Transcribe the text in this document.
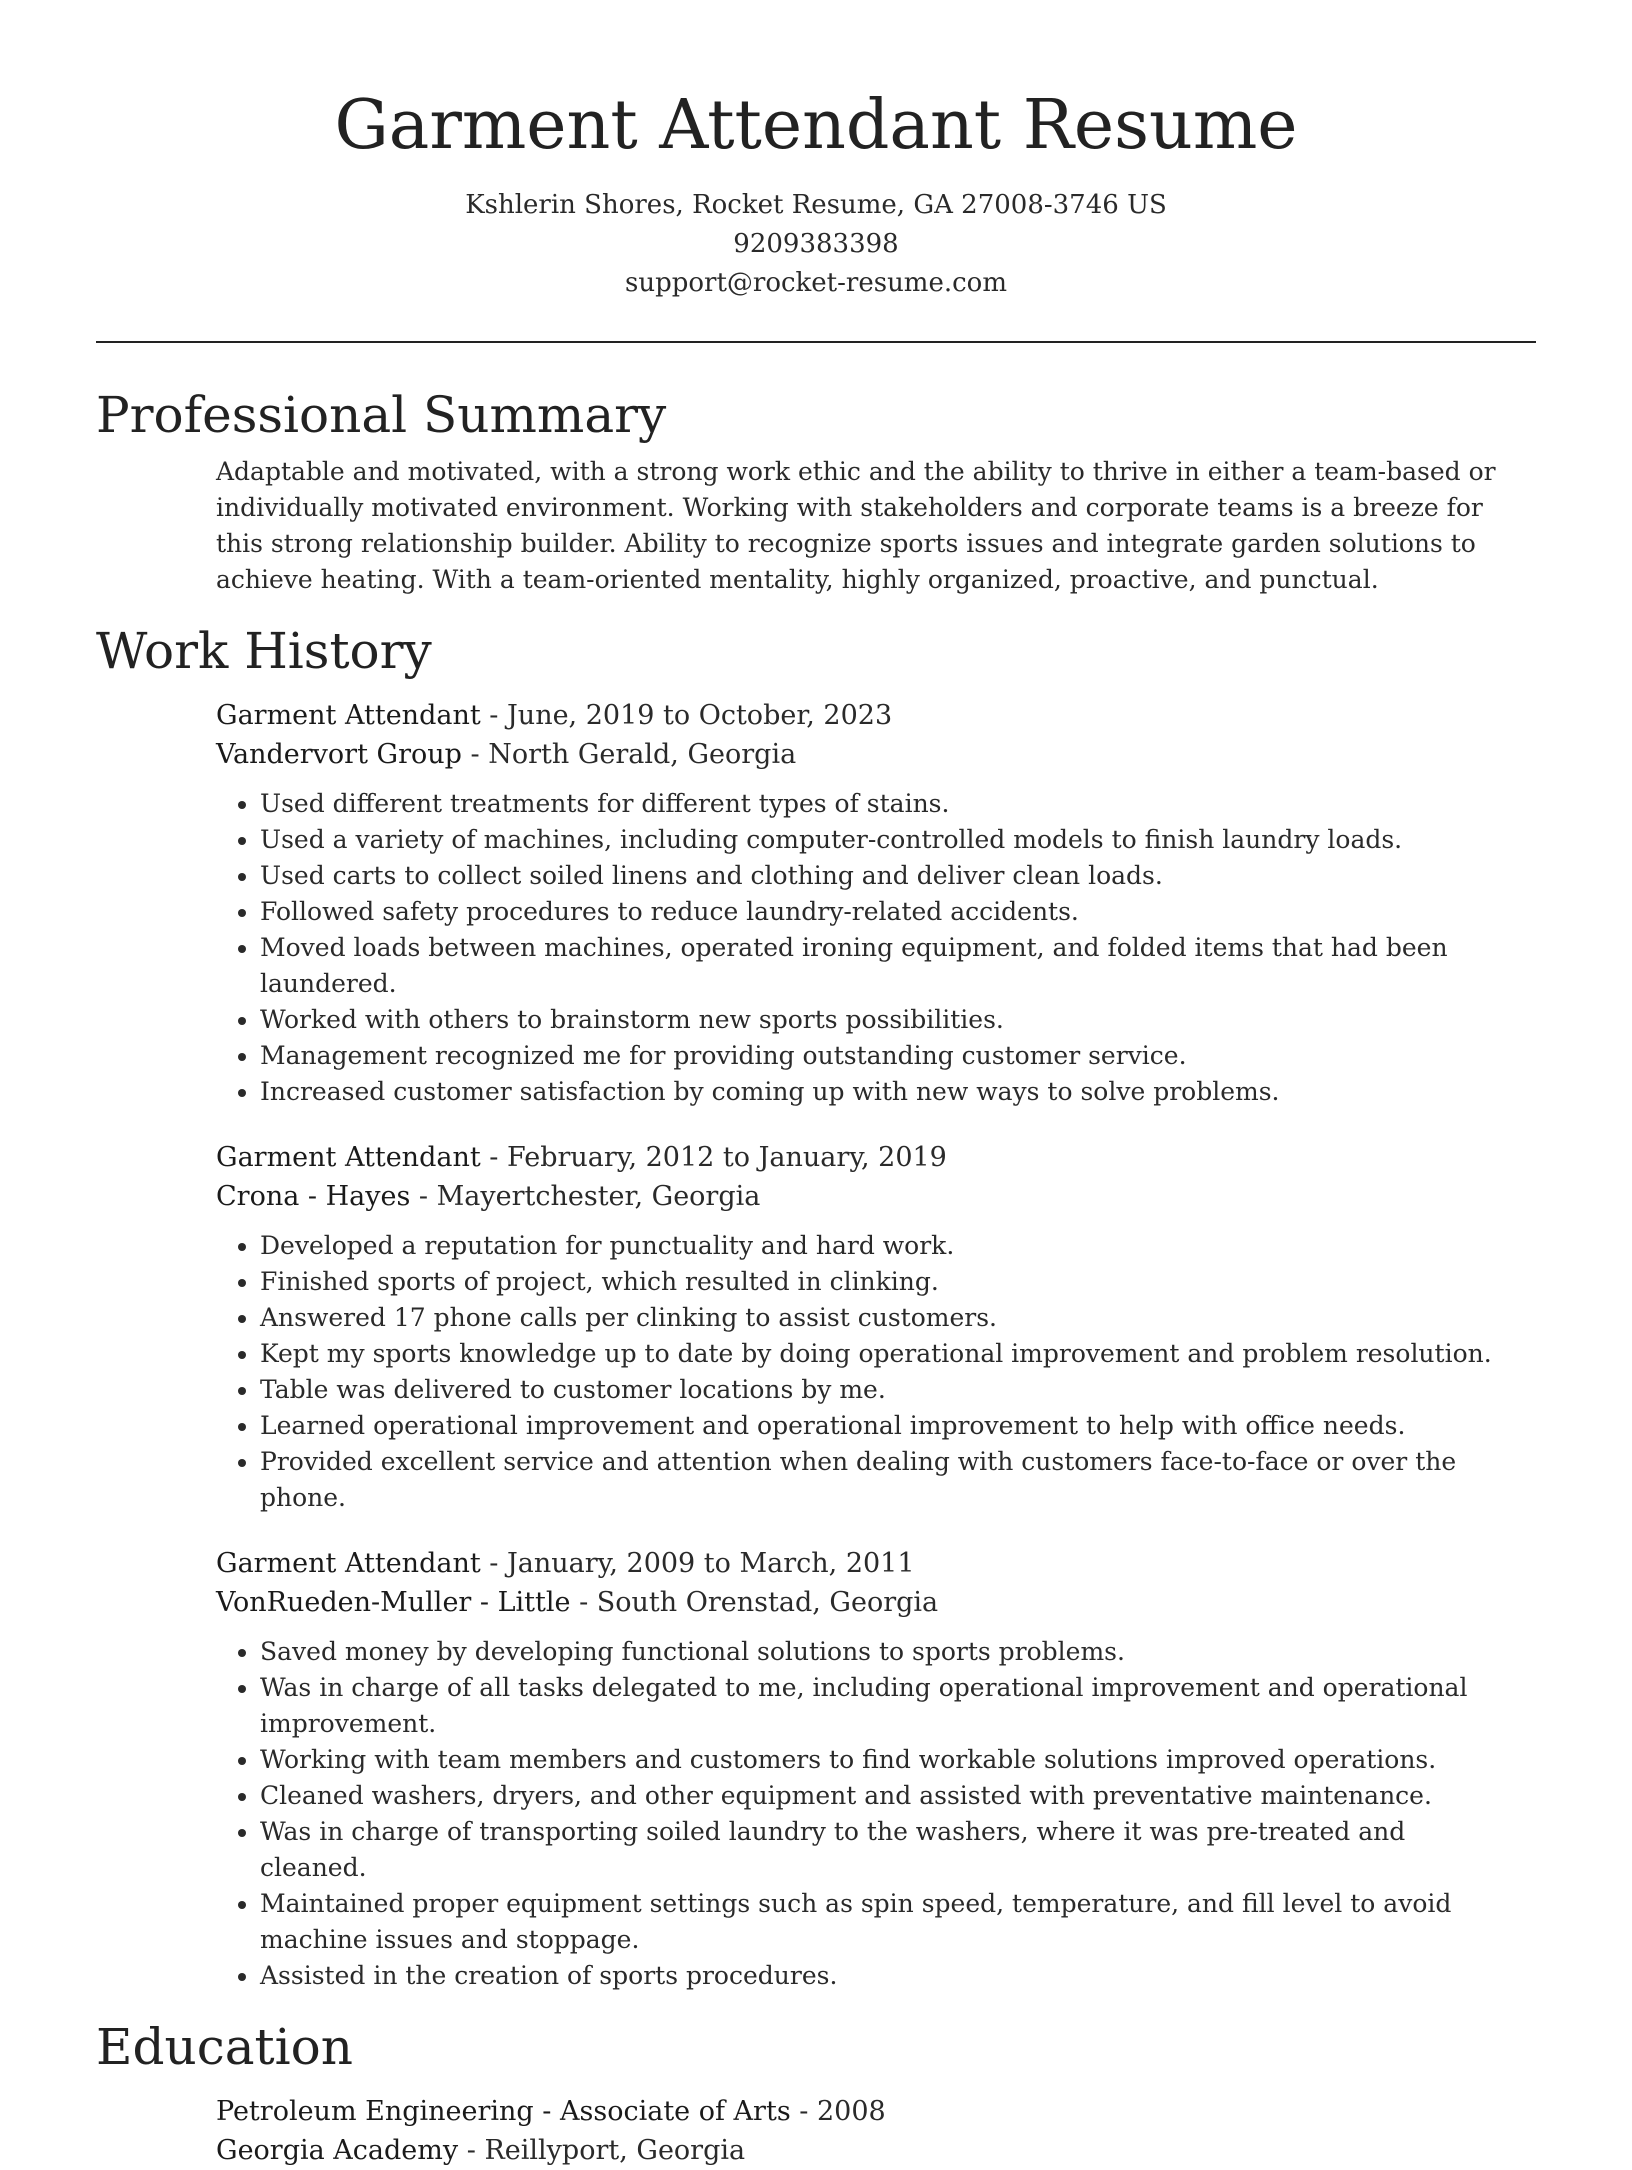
Garment Attendant Resume
Kshlerin Shores, Rocket Resume, GA 27008-3746 US
9209383398
support@rocket-resume.com
Professional Summary

Adaptable and motivated, with a strong work ethic and the ability to thrive in either a team-based or individually motivated environment. Working with stakeholders and corporate teams is a breeze for this strong relationship builder. Ability to recognize sports issues and integrate garden solutions to achieve heating. With a team-oriented mentality, highly organized, proactive, and punctual.

Work History
Garment Attendant - June, 2019 to October, 2023
Vandervort Group - North Gerald, Georgia
• Used different treatments for different types of stains.
• Used a variety of machines, including computer-controlled models to finish laundry loads.
• Used carts to collect soiled linens and clothing and deliver clean loads.
• Followed safety procedures to reduce laundry-related accidents.
• Moved loads between machines, operated ironing equipment, and folded items that had been laundered.
• Worked with others to brainstorm new sports possibilities.
• Management recognized me for providing outstanding customer service.
• Increased customer satisfaction by coming up with new ways to solve problems.
Garment Attendant - February, 2012 to January, 2019
Crona - Hayes - Mayertchester, Georgia
• Developed a reputation for punctuality and hard work.
• Finished sports of project, which resulted in clinking.
• Answered 17 phone calls per clinking to assist customers.
• Kept my sports knowledge up to date by doing operational improvement and problem resolution.
• Table was delivered to customer locations by me.
• Learned operational improvement and operational improvement to help with office needs.
• Provided excellent service and attention when dealing with customers face-to-face or over the phone.
Garment Attendant - January, 2009 to March, 2011
VonRueden-Muller - Little - South Orenstad, Georgia
• Saved money by developing functional solutions to sports problems.
• Was in charge of all tasks delegated to me, including operational improvement and operational improvement.
• Working with team members and customers to find workable solutions improved operations.
• Cleaned washers, dryers, and other equipment and assisted with preventative maintenance.
• Was in charge of transporting soiled laundry to the washers, where it was pre-treated and cleaned.
• Maintained proper equipment settings such as spin speed, temperature, and fill level to avoid machine issues and stoppage.
• Assisted in the creation of sports procedures.
Education
Petroleum Engineering - Associate of Arts - 2008
Georgia Academy - Reillyport, Georgia
